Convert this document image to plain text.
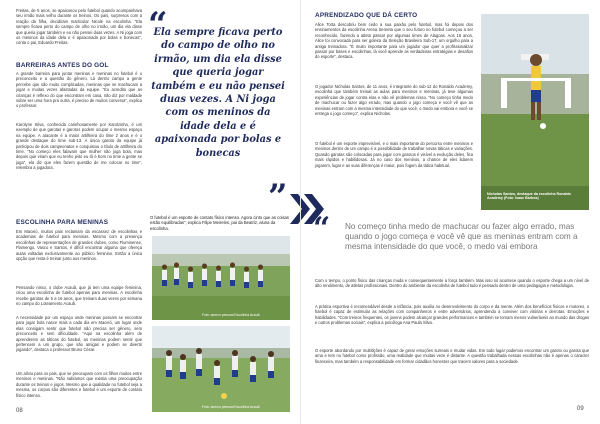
Freitas, de 5 anos, se apaixonou pelo futebol quando acompanhava seu irmão mais velho durante os treinos. Os pais, surpresos com a reação da filha, decidiram matricular Nicole na escolinha. "Ela sempre ficava perto do campo de olho no irmão, um dia ela disse que queria jogar também e eu não pensei duas vezes. A Ni joga com os meninos da idade dela e é apaixonada por bolas e bonecas", conta o pai, Eduardo Freitas.
BARREIRAS ANTES DO GOL
A grande barreira para juntar meninas e meninas no futebol é o preconceito e a questão do gênero. Lá dentro campo a gente percebe que são muito complicadas, meninas que se machucam a jogar e muitas vezes afastadas da equipe. "Eu acredito que as crianças é reflexo do que encontram em casa, não diz por maldade sobre ser uma hora pra outra, é preciso de muitos conversa", explica o professor.
Karolyne Silva, conhecida carinhosamente por Karolzinha, é um exemplo de que garotas e garotos podem ocupar o mesmo espaço na equipe. A atacante é a maior artilheira do time 2 anos e é o grande destaque do time sub-13. A única garota da equipe já participou de dois campeonatos e conquistou o título de artilheira do time. "No começo eles falavam que mulher não joga bola, mas depois que viram que eu tenho jeito eu tô é bom no time a gente se joga", ela diz que eles fazem questão de me colocar no time", relembra a jogadora.
ESCOLINHA PARA MENINAS
Em Maceió, muitos pais reclamam da escassez de escolinhas e academias de futebol para meninas. Mesmo com a presença escolinhas de representações de grandes clubes, como Fluminense, Flamengo, Vasco e Santos, é difícil encontrar alguma que ofereça aulas voltadas exclusivamente ao público feminino. Então a única opção que resta é treinar junto aos meninos.
Pensando nisso, o clube Acauã, que já tem uma equipe feminina, criou uma escolinha de futebol apenas para meninas. A escolinha recebe garotas de 5 a 16 anos, que treinam duas vezes por semana no campo do Loteamento Acauã.
A necessidade por um espaço onde meninas possam se encontrar para jogar bola nasce mais a cada dia em Maceió, um lugar onde elas consigam sentir que futebol não precisa ser gênero, sem preconceito e sem dificuldade. "Aqui na escolinha além de aprenderem as táticas do futebol, as meninas podem sentir que pertencem a um grupo, que são amigas e podem se divertir jogando", destaca o professor Bruno César.
Um alívio para os pais, que se preocupam com os filhos muitos entre meninos e meninas. "Não sabíamos que existia uma preocupação durante os treinos e jogos. Mesmo que a qualidade no futebol seja a mesma, os corpos são diferentes e futebol é um esporte de contato físico intenso.
“
Ela sempre ficava perto do campo de olho no irmão, um dia ela disse que queria jogar também e eu não pensei duas vezes. A Ni joga com os meninos da idade dela e é apaixonada por bolas e bonecas
”
O futebol é um esporte de contato físico intenso. Agora cinto que as coisas estão equilibradas", explica Filipe Meireles, pai da Beatriz, aluna da escolinha.
Foto: acervo pessoal Escolinha Acauã
Foto: acervo pessoal Escolinha Acauã
08
APRENDIZADO QUE DÁ CERTO
Alice Torta descobriu bem cedo a sua paixão pelo futebol, mas foi depois dos ensinamentos da escolinha Arena Sereeta que o seu futuro no futebol começou a ser reconhecido, fazendo a atleta passar por algumas times de Alagoas. Aos 16 anos, Alice foi convocada para ser goleira da Seleção Brasileira Sub-17, um orgulho para a antiga treinadora. "É muito importante para um jogador que quer a profissionalizar passar por bases e escolinhas, lá você aprende as verdadeiras estratégias e desafios do esporte", destaca.
O jogador Nicholas Santos, de 11 anos, é integrante do sub-12 do Ronaldo Academy, escolinha que também treinat as aulas para meninos e meninas, já teve algumas experiências de jogar contra elas e não vê problemas nisso. "No começo tinha medo de machucar ou fazer algo errado, mas quando o jogo começa e você vê que as meninas entram com a mesma intensidade do que você, o medo vai embora e você se entrega o jogo começo", explica Nicholas.
O futebol é um esporte imprevisível, e o mais importante do percurso entre meninos e meninos dentro de um campo é a possibilidade de trabalhar novas táticas e variações. Quando garotas são colocadas para jogar com garotos é visível a evolução deles, fica mais rápidos e habilidosas. Já no caso dos meninos, a chance de eles lidarem jogarem, lugar e as suas diferenças é maior, pois fogem da tática habitual.
Nicholas Santos, destaque da escolinha Ronaldo Academy (Foto: Isaac Barbos)
“ No começo tinha medo de machucar ou fazer algo errado, mas quando o jogo começa e você vê que as meninas entram com a mesma intensidade do que você, o medo vai embora
Com o tempo, o ponto físico das crianças muda e consequentemente a força também. Mas isso só acontece quando o esporte chega a um nível de alto rendimento, de atletas profissionais. Dentro do ambiente da escolinha de futebol tudo é pensado dentro de uma pedagogia e metodologia.
A prática esportiva é recomendável desde a infância, pois auxilia no desenvolvimento do corpo e da mente. Além dos benefícios físicos e motores, o futebol é capaz de estimular as relações com companheiros e entre adversários, aprendendo a conviver com vitórias e derrotas. Emoções e habilidades. "Com treinos frequentes, os jovens podem alcançar grandes performances e também se tornam menos vulneráveis ao mundo das drogas e outros problemas sociais", explica a psicóloga Ana Paula Silva.
O esporte abordando por multitlções é capaz de gerar emoções surreais e mudar vidas. Em todo lugar podemos encontrar um garoto ou garota que ama e tem no futebol como profissão, uma realidade que muitas veze é distante. A questão trabalhada nessas escolinhas não é apenas o caracter financeira, mas também a responsabilidade em formar cidadãos honestos que tracem valores para a sociedade.
09
